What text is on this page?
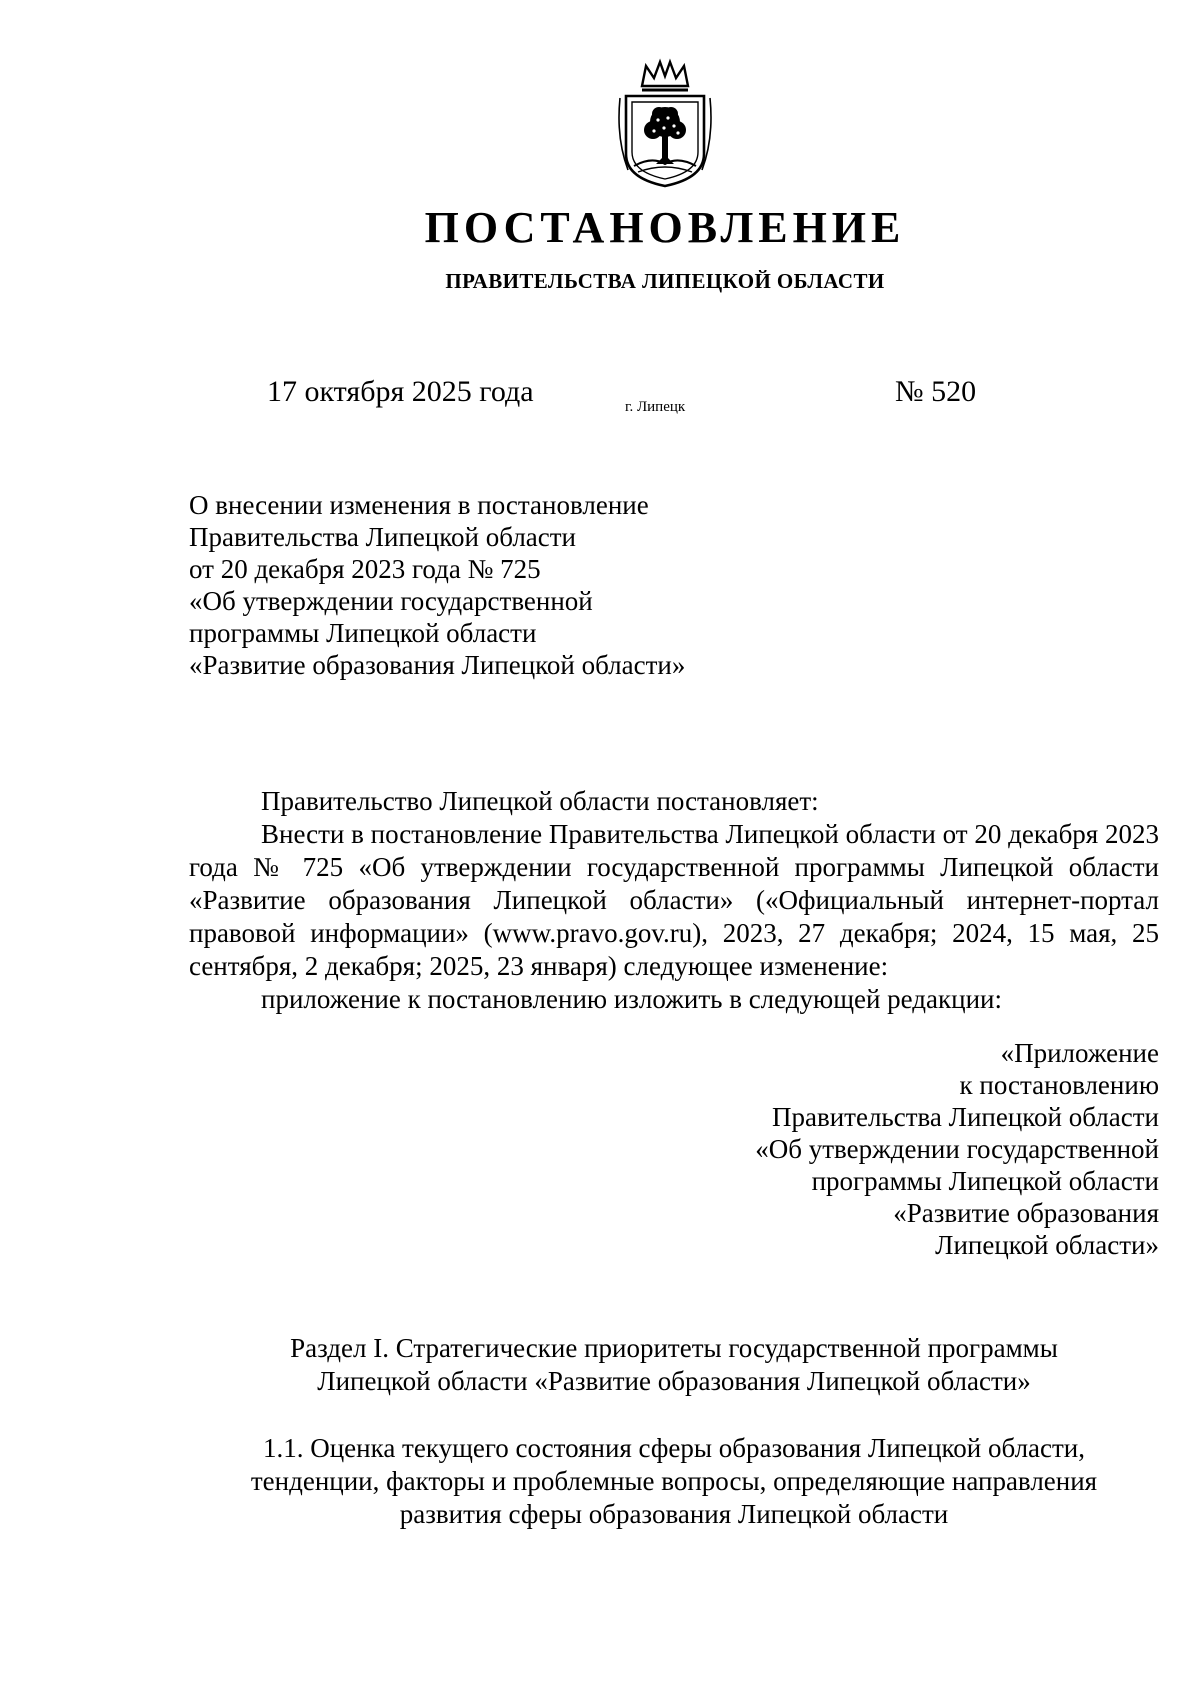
ПОСТАНОВЛЕНИЕ
ПРАВИТЕЛЬСТВА ЛИПЕЦКОЙ ОБЛАСТИ
17 октября 2025 года	г. Липецк	№ 520
О внесении изменения в постановление
Правительства Липецкой области
от 20 декабря 2023 года № 725
«Об утверждении государственной
программы Липецкой области
«Развитие образования Липецкой области»

Правительство Липецкой области постановляет:

Внести в постановление Правительства Липецкой области от 20 декабря 2023 года № 725 «Об утверждении государственной программы Липецкой области «Развитие образования Липецкой области» («Официальный интернет-портал правовой информации» (www.pravo.gov.ru), 2023, 27 декабря; 2024, 15 мая, 25 сентября, 2 декабря; 2025, 23 января) следующее изменение:

приложение к постановлению изложить в следующей редакции:

«Приложение
к постановлению
Правительства Липецкой области
«Об утверждении государственной
программы Липецкой области
«Развитие образования
Липецкой области»
Раздел I. Стратегические приоритеты государственной программы
Липецкой области «Развитие образования Липецкой области»
1.1. Оценка текущего состояния сферы образования Липецкой области,
тенденции, факторы и проблемные вопросы, определяющие направления
развития сферы образования Липецкой области
